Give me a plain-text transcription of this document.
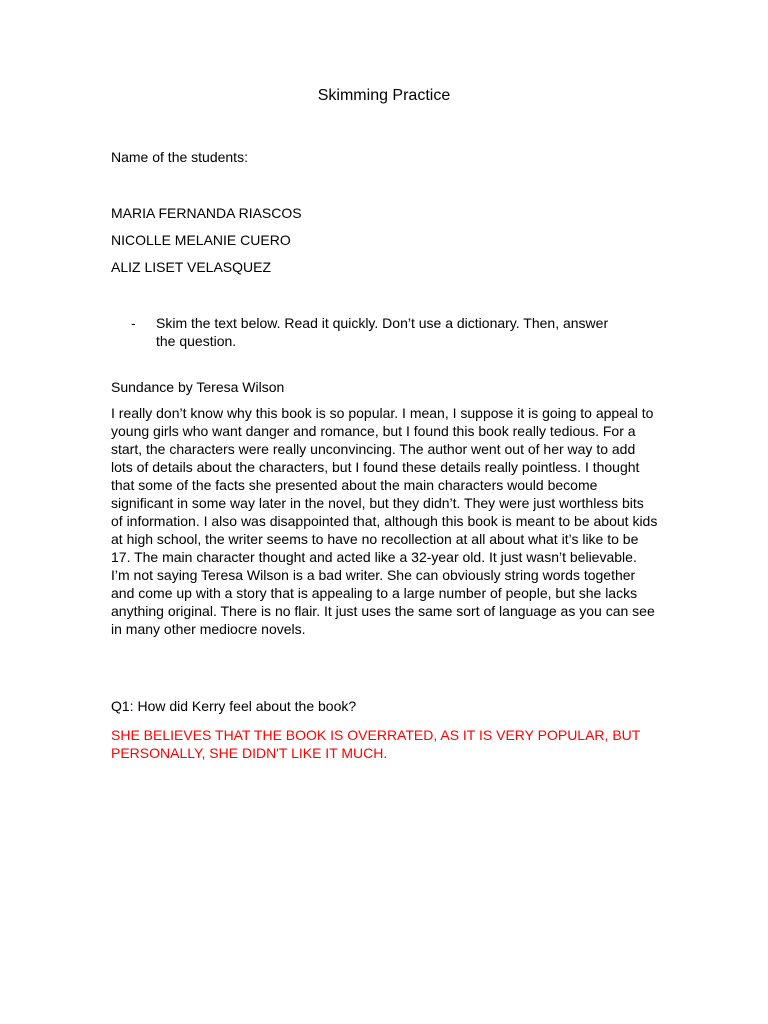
Skimming Practice
Name of the students:
MARIA FERNANDA RIASCOS
NICOLLE MELANIE CUERO
ALIZ LISET VELASQUEZ
- Skim the text below. Read it quickly. Don’t use a dictionary. Then, answer the question.
Sundance by Teresa Wilson
I really don’t know why this book is so popular. I mean, I suppose it is going to appeal to young girls who want danger and romance, but I found this book really tedious. For a start, the characters were really unconvincing. The author went out of her way to add lots of details about the characters, but I found these details really pointless. I thought that some of the facts she presented about the main characters would become significant in some way later in the novel, but they didn’t. They were just worthless bits of information. I also was disappointed that, although this book is meant to be about kids at high school, the writer seems to have no recollection at all about what it’s like to be 17. The main character thought and acted like a 32-year old. It just wasn’t believable. I’m not saying Teresa Wilson is a bad writer. She can obviously string words together and come up with a story that is appealing to a large number of people, but she lacks anything original. There is no flair. It just uses the same sort of language as you can see in many other mediocre novels.
Q1: How did Kerry feel about the book?
SHE BELIEVES THAT THE BOOK IS OVERRATED, AS IT IS VERY POPULAR, BUT PERSONALLY, SHE DIDN'T LIKE IT MUCH.
